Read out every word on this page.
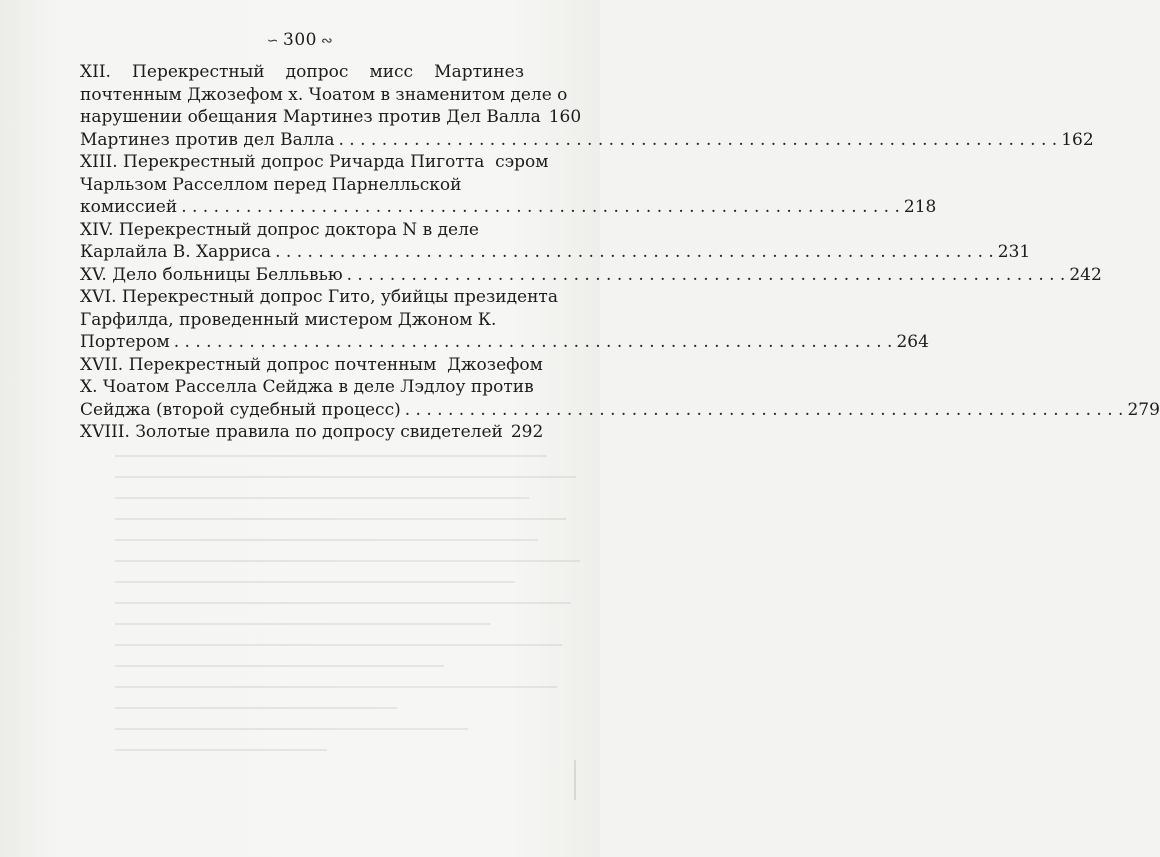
∽ 300 ∾
XII. Перекрестный допрос мисс Мартинез
почтенным Джозефом х. Чоатом в знаменитом деле о
нарушении обещания Мартинез против Дел Валла 160
Мартинез против дел Валла . . .	162
XIII. Перекрестный допрос Ричарда Пиготта  сэром
Чарльзом Расселлом перед Парнелльской
комиссией . . .	218
XIV. Перекрестный допрос доктора N в деле
Карлайла В. Харриса . . .	231
XV. Дело больницы Белльвью . . .	242
XVI. Перекрестный допрос Гито, убийцы президента
Гарфилда, проведенный мистером Джоном К.
Портером . . .	264
XVII. Перекрестный допрос почтенным  Джозефом
Х. Чоатом Расселла Сейджа в деле Лэдлоу против
Сейджа (второй судебный процесс) . . .	279
XVIII. Золотые правила по допросу свидетелей 292
